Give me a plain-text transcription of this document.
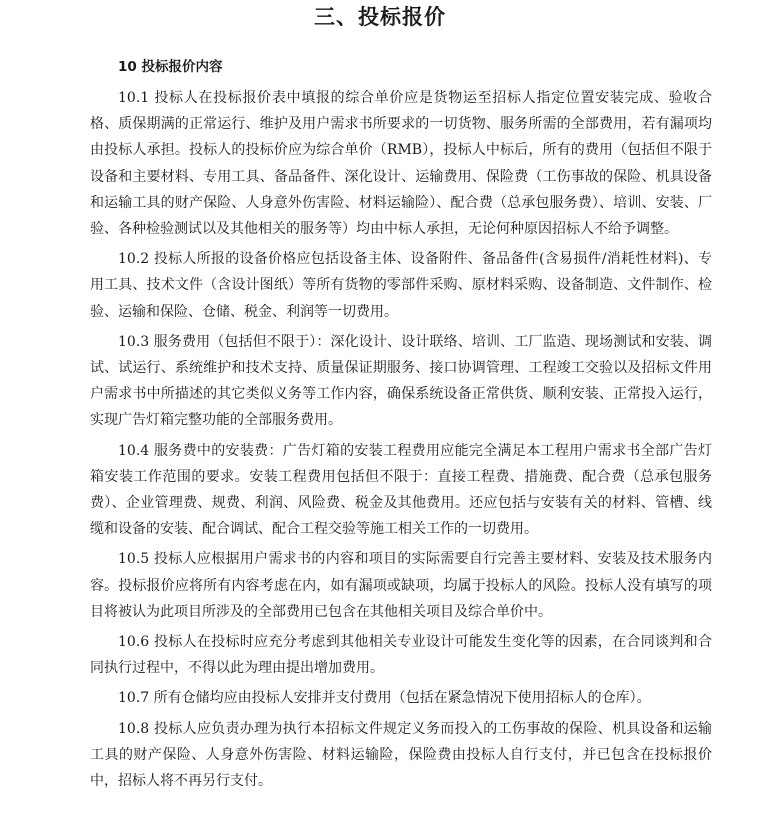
三、投标报价
10 投标报价内容

10.1 投标人在投标报价表中填报的综合单价应是货物运至招标人指定位置安装完成、验收合格、质保期满的正常运行、维护及用户需求书所要求的一切货物、服务所需的全部费用，若有漏项均由投标人承担。投标人的投标价应为综合单价（RMB），投标人中标后，所有的费用（包括但不限于设备和主要材料、专用工具、备品备件、深化设计、运输费用、保险费（工伤事故的保险、机具设备和运输工具的财产保险、人身意外伤害险、材料运输险）、配合费（总承包服务费）、培训、安装、厂验、各种检验测试以及其他相关的服务等）均由中标人承担，无论何种原因招标人不给予调整。

10.2 投标人所报的设备价格应包括设备主体、设备附件、备品备件(含易损件/消耗性材料)、专用工具、技术文件（含设计图纸）等所有货物的零部件采购、原材料采购、设备制造、文件制作、检验、运输和保险、仓储、税金、利润等一切费用。

10.3 服务费用（包括但不限于）：深化设计、设计联络、培训、工厂监造、现场测试和安装、调试、试运行、系统维护和技术支持、质量保证期服务、接口协调管理、工程竣工交验以及招标文件用户需求书中所描述的其它类似义务等工作内容，确保系统设备正常供货、顺利安装、正常投入运行，实现广告灯箱完整功能的全部服务费用。

10.4 服务费中的安装费：广告灯箱的安装工程费用应能完全满足本工程用户需求书全部广告灯箱安装工作范围的要求。安装工程费用包括但不限于：直接工程费、措施费、配合费（总承包服务费）、企业管理费、规费、利润、风险费、税金及其他费用。还应包括与安装有关的材料、管槽、线缆和设备的安装、配合调试、配合工程交验等施工相关工作的一切费用。

10.5 投标人应根据用户需求书的内容和项目的实际需要自行完善主要材料、安装及技术服务内容。投标报价应将所有内容考虑在内，如有漏项或缺项，均属于投标人的风险。投标人没有填写的项目将被认为此项目所涉及的全部费用已包含在其他相关项目及综合单价中。

10.6 投标人在投标时应充分考虑到其他相关专业设计可能发生变化等的因素，在合同谈判和合同执行过程中，不得以此为理由提出增加费用。

10.7 所有仓储均应由投标人安排并支付费用（包括在紧急情况下使用招标人的仓库）。

10.8 投标人应负责办理为执行本招标文件规定义务而投入的工伤事故的保险、机具设备和运输工具的财产保险、人身意外伤害险、材料运输险，保险费由投标人自行支付，并已包含在投标报价中，招标人将不再另行支付。
